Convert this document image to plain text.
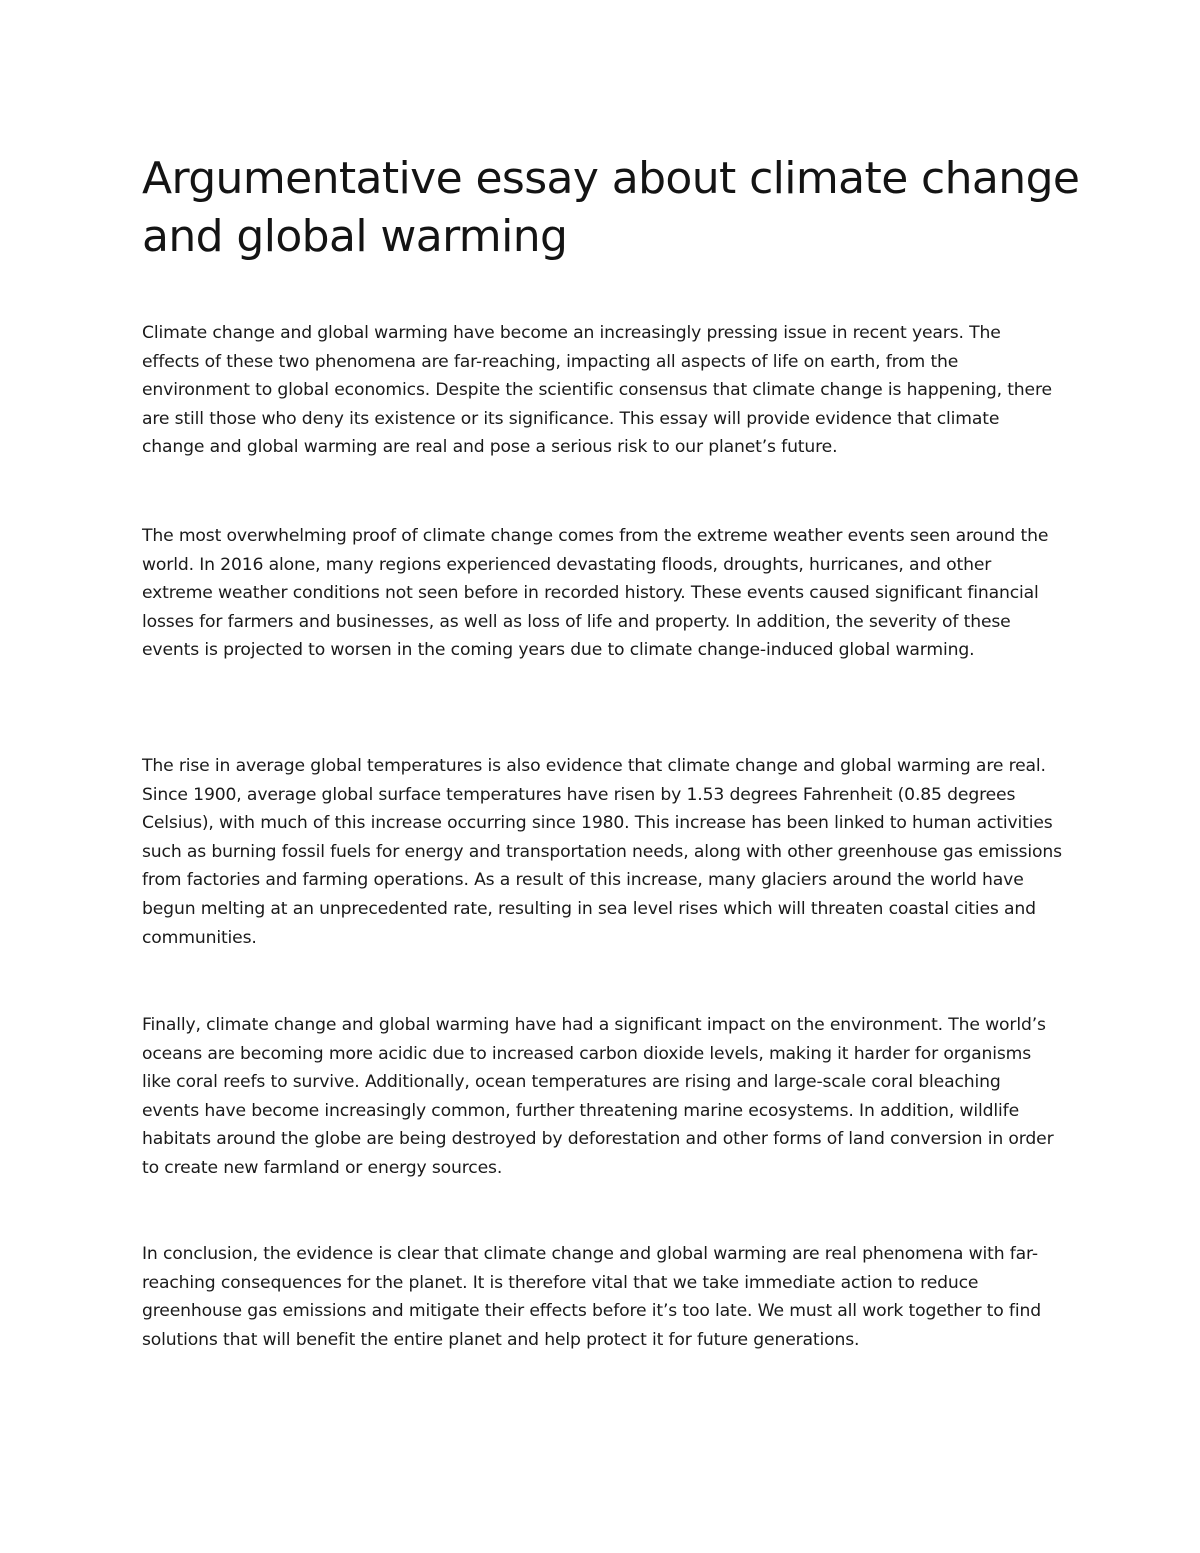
Argumentative essay about climate change and global warming

Climate change and global warming have become an increasingly pressing issue in recent years. The effects of these two phenomena are far-reaching, impacting all aspects of life on earth, from the environment to global economics. Despite the scientific consensus that climate change is happening, there are still those who deny its existence or its significance. This essay will provide evidence that climate change and global warming are real and pose a serious risk to our planet’s future.

The most overwhelming proof of climate change comes from the extreme weather events seen around the world. In 2016 alone, many regions experienced devastating floods, droughts, hurricanes, and other extreme weather conditions not seen before in recorded history. These events caused significant financial losses for farmers and businesses, as well as loss of life and property. In addition, the severity of these events is projected to worsen in the coming years due to climate change-induced global warming.

The rise in average global temperatures is also evidence that climate change and global warming are real. Since 1900, average global surface temperatures have risen by 1.53 degrees Fahrenheit (0.85 degrees Celsius), with much of this increase occurring since 1980. This increase has been linked to human activities such as burning fossil fuels for energy and transportation needs, along with other greenhouse gas emissions from factories and farming operations. As a result of this increase, many glaciers around the world have begun melting at an unprecedented rate, resulting in sea level rises which will threaten coastal cities and communities.

Finally, climate change and global warming have had a significant impact on the environment. The world’s oceans are becoming more acidic due to increased carbon dioxide levels, making it harder for organisms like coral reefs to survive. Additionally, ocean temperatures are rising and large-scale coral bleaching events have become increasingly common, further threatening marine ecosystems. In addition, wildlife habitats around the globe are being destroyed by deforestation and other forms of land conversion in order to create new farmland or energy sources.

In conclusion, the evidence is clear that climate change and global warming are real phenomena with far-reaching consequences for the planet. It is therefore vital that we take immediate action to reduce greenhouse gas emissions and mitigate their effects before it’s too late. We must all work together to find solutions that will benefit the entire planet and help protect it for future generations.
